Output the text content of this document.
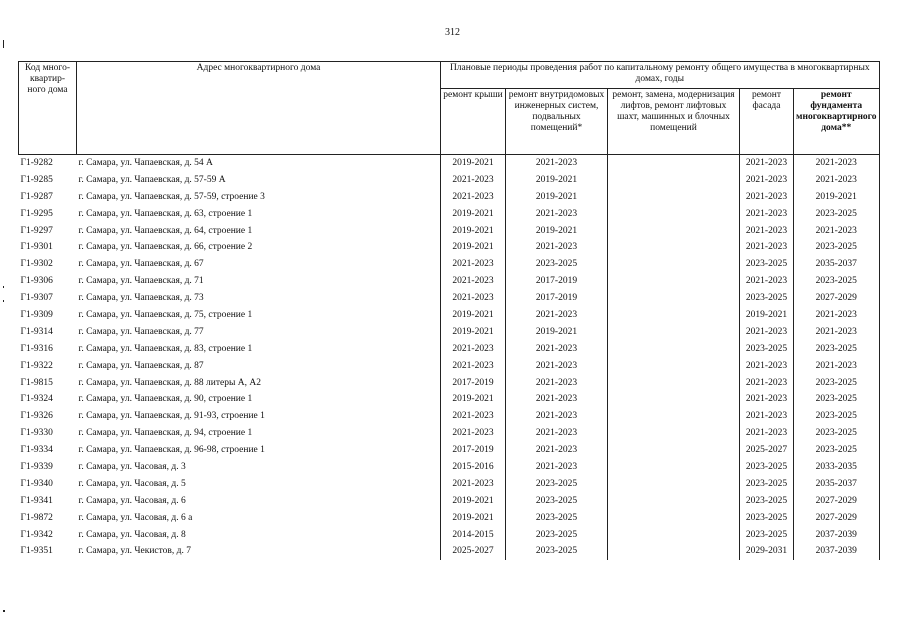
312
Код много-квартир-ного дома	Адрес многоквартирного дома	Плановые периоды проведения работ по капитальному ремонту общего имущества в многоквартирных домах, годы				
		ремонт крыши	ремонт внутридомовых инженерных систем, подвальных помещений*	ремонт, замена, модернизация лифтов, ремонт лифтовых шахт, машинных и блочных помещений	ремонт фасада	ремонт фундамента многоквартирного дома**
Г1-9282	г. Самара, ул. Чапаевская, д. 54 А	2019-2021	2021-2023		2021-2023	2021-2023
Г1-9285	г. Самара, ул. Чапаевская, д. 57-59 А	2021-2023	2019-2021		2021-2023	2021-2023
Г1-9287	г. Самара, ул. Чапаевская, д. 57-59, строение 3	2021-2023	2019-2021		2021-2023	2019-2021
Г1-9295	г. Самара, ул. Чапаевская, д. 63, строение 1	2019-2021	2021-2023		2021-2023	2023-2025
Г1-9297	г. Самара, ул. Чапаевская, д. 64, строение 1	2019-2021	2019-2021		2021-2023	2021-2023
Г1-9301	г. Самара, ул. Чапаевская, д. 66, строение 2	2019-2021	2021-2023		2021-2023	2023-2025
Г1-9302	г. Самара, ул. Чапаевская, д. 67	2021-2023	2023-2025		2023-2025	2035-2037
Г1-9306	г. Самара, ул. Чапаевская, д. 71	2021-2023	2017-2019		2021-2023	2023-2025
Г1-9307	г. Самара, ул. Чапаевская, д. 73	2021-2023	2017-2019		2023-2025	2027-2029
Г1-9309	г. Самара, ул. Чапаевская, д. 75, строение 1	2019-2021	2021-2023		2019-2021	2021-2023
Г1-9314	г. Самара, ул. Чапаевская, д. 77	2019-2021	2019-2021		2021-2023	2021-2023
Г1-9316	г. Самара, ул. Чапаевская, д. 83, строение 1	2021-2023	2021-2023		2023-2025	2023-2025
Г1-9322	г. Самара, ул. Чапаевская, д. 87	2021-2023	2021-2023		2021-2023	2021-2023
Г1-9815	г. Самара, ул. Чапаевская, д. 88 литеры А, А2	2017-2019	2021-2023		2021-2023	2023-2025
Г1-9324	г. Самара, ул. Чапаевская, д. 90, строение 1	2019-2021	2021-2023		2021-2023	2023-2025
Г1-9326	г. Самара, ул. Чапаевская, д. 91-93, строение 1	2021-2023	2021-2023		2021-2023	2023-2025
Г1-9330	г. Самара, ул. Чапаевская, д. 94, строение 1	2021-2023	2021-2023		2021-2023	2023-2025
Г1-9334	г. Самара, ул. Чапаевская, д. 96-98, строение 1	2017-2019	2021-2023		2025-2027	2023-2025
Г1-9339	г. Самара, ул. Часовая, д. 3	2015-2016	2021-2023		2023-2025	2033-2035
Г1-9340	г. Самара, ул. Часовая, д. 5	2021-2023	2023-2025		2023-2025	2035-2037
Г1-9341	г. Самара, ул. Часовая, д. 6	2019-2021	2023-2025		2023-2025	2027-2029
Г1-9872	г. Самара, ул. Часовая, д. 6 а	2019-2021	2023-2025		2023-2025	2027-2029
Г1-9342	г. Самара, ул. Часовая, д. 8	2014-2015	2023-2025		2023-2025	2037-2039
Г1-9351	г. Самара, ул. Чекистов, д. 7	2025-2027	2023-2025		2029-2031	2037-2039
